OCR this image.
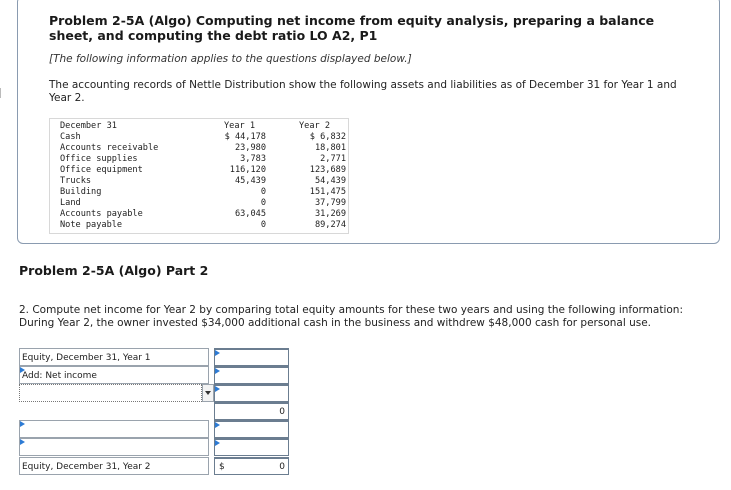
Problem 2-5A (Algo) Computing net income from equity analysis, preparing a balance sheet, and computing the debt ratio LO A2, P1
[The following information applies to the questions displayed below.]
The accounting records of Nettle Distribution show the following assets and liabilities as of December 31 for Year 1 and Year 2.
December 31
Cash
Accounts receivable
Office supplies
Office equipment
Trucks
Building
Land
Accounts payable
Note payable
Year 1
$ 44,178
23,980
3,783
116,120
45,439
0
0
63,045
0
Year 2
$ 6,832
18,801
2,771
123,689
54,439
151,475
37,799
31,269
89,274
Problem 2-5A (Algo) Part 2
2. Compute net income for Year 2 by comparing total equity amounts for these two years and using the following information: During Year 2, the owner invested $34,000 additional cash in the business and withdrew $48,000 cash for personal use.
Equity, December 31, Year 1
Add: Net income
0
Equity, December 31, Year 2	$	0
